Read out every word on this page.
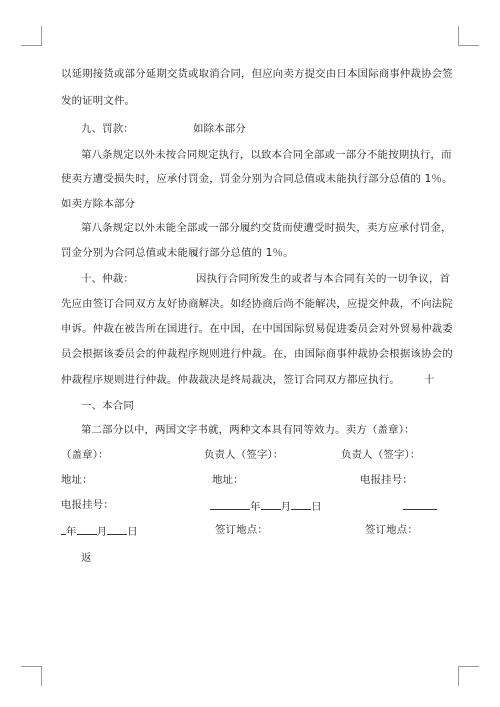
以延期接货或部分延期交货或取消合同，但应向卖方提交由日本国际商事仲裁协会签
发的证明文件。
九、罚款：	如除本部分
第八条规定以外未按合同规定执行，以致本合同全部或一部分不能按期执行，而
使卖方遭受损失时，应承付罚金，罚金分别为合同总值或未能执行部分总值的 1％。
如卖方除本部分
第八条规定以外未能全部或一部分履约交货而使遭受时损失，卖方应承付罚金，
罚金分别为合同总值或未能履行部分总值的 1％。
十、仲裁：	因执行合同所发生的或者与本合同有关的一切争议，首
先应由签订合同双方友好协商解决。如经协商后尚不能解决，应提交仲裁，不向法院
申诉。仲裁在被告所在国进行。在中国，在中国国际贸易促进委员会对外贸易仲裁委
员会根据该委员会的仲裁程序规则进行仲裁。在，由国际商事仲裁协会根据该协会的
仲裁程序规则进行仲裁。仲裁裁决是终局裁决，签订合同双方都应执行。 十
一、本合同
第二部分以中，两国文字书就，两种文本具有同等效力。卖方（盖章）：
（盖章）：	负责人（签字）：	负责人（签字）：
地址：	地址：	电报挂号：
电报挂号：	年 月 日
年 月 日	签订地点：	签订地点：
返
